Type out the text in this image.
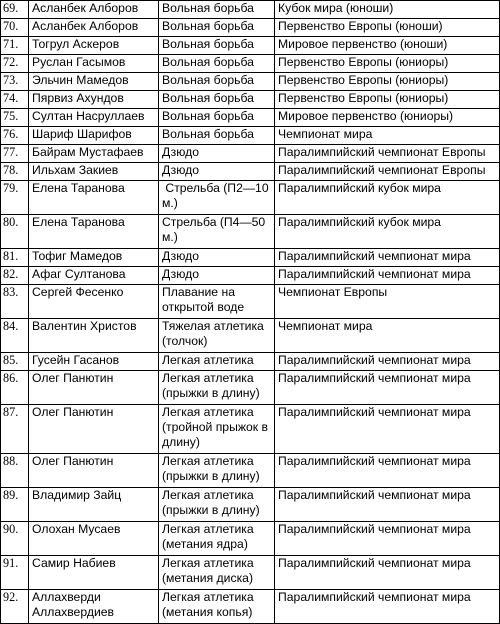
69.	Асланбек Алборов	Вольная борьба	Кубок мира (юноши)
70.	Асланбек Алборов	Вольная борьба	Первенство Европы (юноши)
71.	Тогрул Аскеров	Вольная борьба	Мировое первенство (юноши)
72.	Руслан Гасымов	Вольная борьба	Первенство Европы (юниоры)
73.	Эльчин Мамедов	Вольная борьба	Первенство Европы (юниоры)
74.	Пярвиз Ахундов	Вольная борьба	Первенство Европы (юниоры)
75.	Султан Насруллаев	Вольная борьба	Мировое первенство (юниоры)
76.	Шариф Шарифов	Вольная борьба	Чемпионат мира
77.	Байрам Мустафаев	Дзюдо	Паралимпийский чемпионат Европы
78.	Ильхам Закиев	Дзюдо	Паралимпийский чемпионат Европы
79.	Елена Таранова	Стрельба (П2—10 м.)	Паралимпийский кубок мира
80.	Елена Таранова	Стрельба (П4—50 м.)	Паралимпийский кубок мира
81.	Тофиг Мамедов	Дзюдо	Паралимпийский чемпионат мира
82.	Афаг Султанова	Дзюдо	Паралимпийский чемпионат мира
83.	Сергей Фесенко	Плавание на открытой воде	Чемпионат Европы
84.	Валентин Христов	Тяжелая атлетика (толчок)	Чемпионат мира
85.	Гусейн Гасанов	Легкая атлетика	Паралимпийский чемпионат мира
86.	Олег Панютин	Легкая атлетика (прыжки в длину)	Паралимпийский чемпионат мира
87.	Олег Панютин	Легкая атлетика (тройной прыжок в длину)	Паралимпийский чемпионат мира
88.	Олег Панютин	Легкая атлетика (прыжки в длину)	Паралимпийский чемпионат мира
89.	Владимир Зайц	Легкая атлетика (прыжки в длину)	Паралимпийский чемпионат мира
90.	Олохан Мусаев	Легкая атлетика (метания ядра)	Паралимпийский чемпионат мира
91.	Самир Набиев	Легкая атлетика (метания диска)	Паралимпийский чемпионат мира
92.	Аллахверди Аллахвердиев	Легкая атлетика (метания копья)	Паралимпийский чемпионат мира
